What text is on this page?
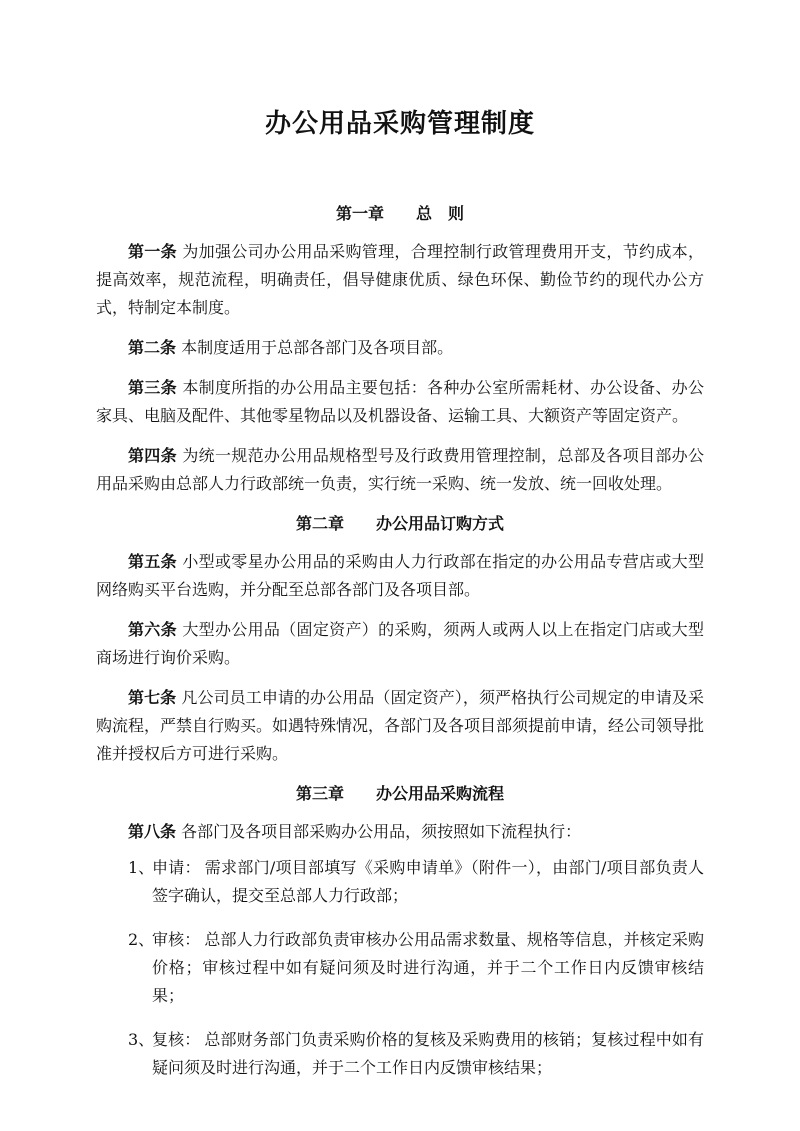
办公用品采购管理制度
第一章　　总　则

第一条 为加强公司办公用品采购管理，合理控制行政管理费用开支，节约成本，提高效率，规范流程，明确责任，倡导健康优质、绿色环保、勤俭节约的现代办公方式，特制定本制度。

第二条 本制度适用于总部各部门及各项目部。

第三条 本制度所指的办公用品主要包括：各种办公室所需耗材、办公设备、办公家具、电脑及配件、其他零星物品以及机器设备、运输工具、大额资产等固定资产。

第四条 为统一规范办公用品规格型号及行政费用管理控制，总部及各项目部办公用品采购由总部人力行政部统一负责，实行统一采购、统一发放、统一回收处理。

第二章　　办公用品订购方式

第五条 小型或零星办公用品的采购由人力行政部在指定的办公用品专营店或大型网络购买平台选购，并分配至总部各部门及各项目部。

第六条 大型办公用品（固定资产）的采购，须两人或两人以上在指定门店或大型商场进行询价采购。

第七条 凡公司员工申请的办公用品（固定资产），须严格执行公司规定的申请及采购流程，严禁自行购买。如遇特殊情况，各部门及各项目部须提前申请，经公司领导批准并授权后方可进行采购。

第三章　　办公用品采购流程

第八条 各部门及各项目部采购办公用品，须按照如下流程执行：

1、
申请： 需求部门/项目部填写《采购申请单》（附件一），由部门/项目部负责人签字确认，提交至总部人力行政部；
2、
审核： 总部人力行政部负责审核办公用品需求数量、规格等信息，并核定采购价格；审核过程中如有疑问须及时进行沟通，并于二个工作日内反馈审核结果；
3、
复核： 总部财务部门负责采购价格的复核及采购费用的核销；复核过程中如有疑问须及时进行沟通，并于二个工作日内反馈审核结果；
